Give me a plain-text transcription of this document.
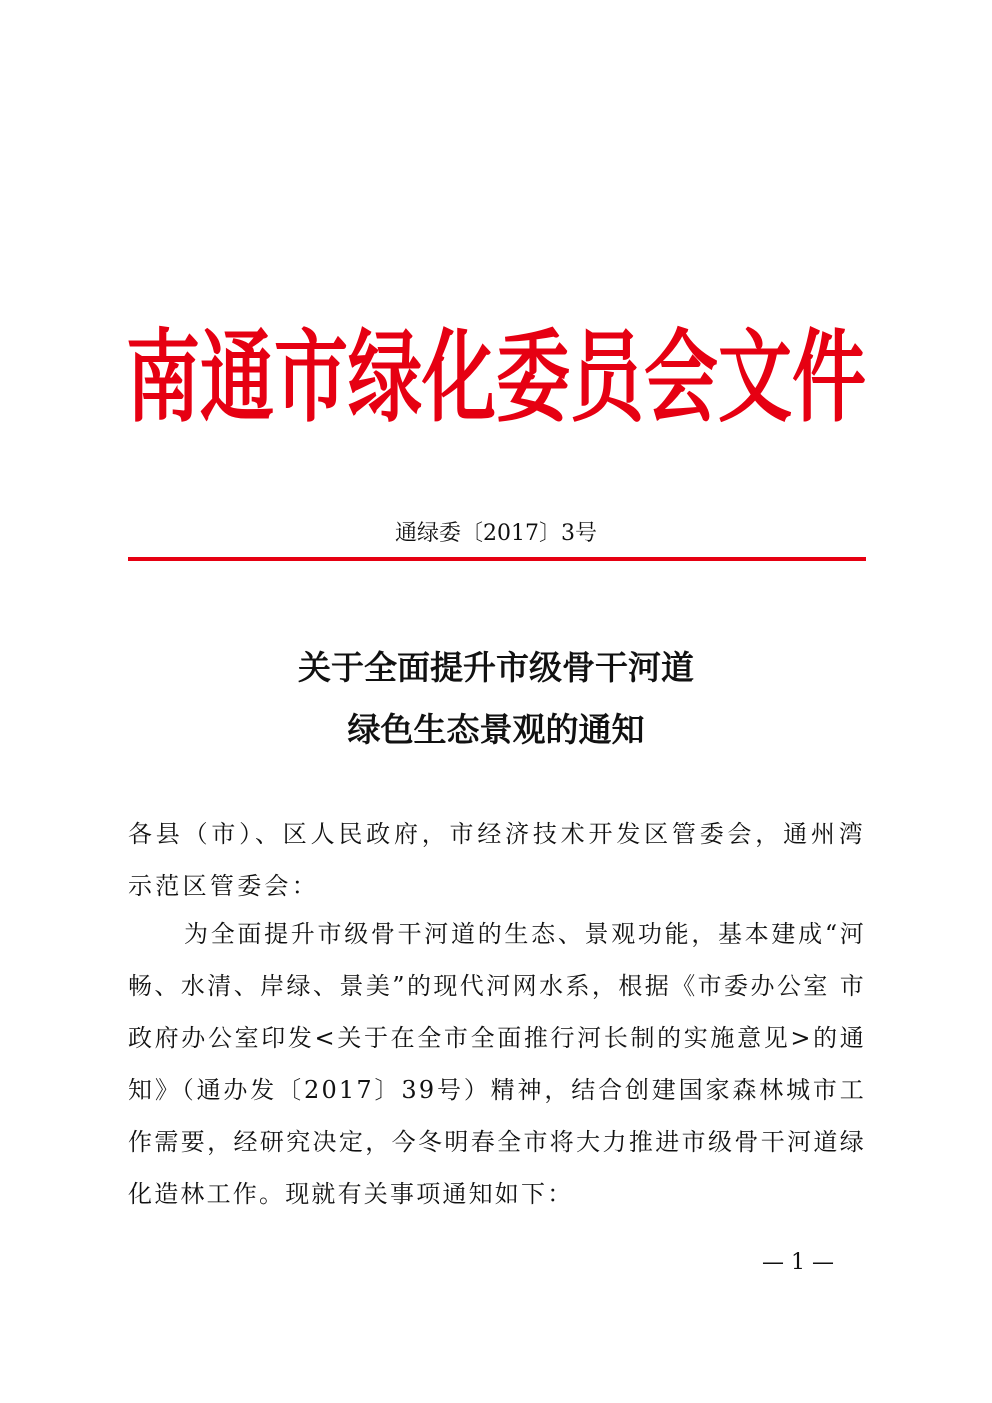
南通市绿化委员会文件
通绿委〔2017〕3号
关于全面提升市级骨干河道
绿色生态景观的通知
各县（市）、区人民政府，市经济技术开发区管委会，通州湾示范区管委会：
为全面提升市级骨干河道的生态、景观功能，基本建成“河畅、水清、岸绿、景美”的现代河网水系，根据《市委办公室 市政府办公室印发<关于在全市全面推行河长制的实施意见>的通知》（通办发〔2017〕39号）精神，结合创建国家森林城市工作需要，经研究决定，今冬明春全市将大力推进市级骨干河道绿化造林工作。现就有关事项通知如下：
— 1 —
